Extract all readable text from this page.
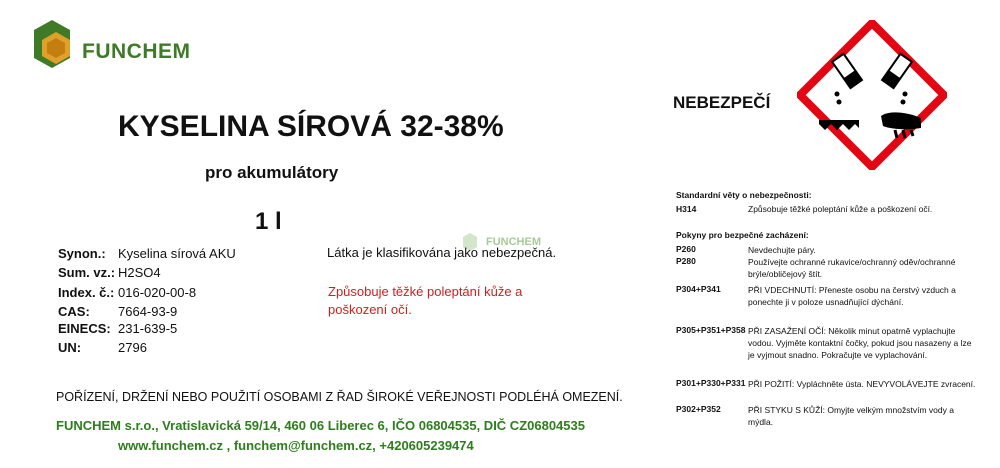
FUNCHEM
KYSELINA SÍROVÁ 32-38%
pro akumulátory
1 l
Synon.: Kyselina sírová AKU
Sum. vz.: H2SO4
Index. č.: 016-020-00-8
CAS:	7664-93-9
EINECS: 231-639-5
UN:	2796
FUNCHEM
Látka je klasifikována jako nebezpečná.
Způsobuje těžké poleptání kůže a poškození očí.
POŘÍZENÍ, DRŽENÍ NEBO POUŽITÍ OSOBAMI Z ŘAD ŠIROKÉ VEŘEJNOSTI PODLÉHÁ OMEZENÍ.
FUNCHEM s.r.o., Vratislavická 59/14, 460 06 Liberec 6, IČO 06804535, DIČ CZ06804535
www.funchem.cz , funchem@funchem.cz, +420605239474
NEBEZPEČÍ
Standardní věty o nebezpečnosti:
H314	Způsobuje těžké poleptání kůže a poškození očí.
Pokyny pro bezpečné zacházení:
P260	Nevdechujte páry.
P280	Používejte ochranné rukavice/ochranný oděv/ochranné brýle/obličejový štít.
P304+P341	PŘI VDECHNUTÍ: Přeneste osobu na čerstvý vzduch a ponechte ji v poloze usnadňující dýchání.
P305+P351+P358 PŘI ZASAŽENÍ OČÍ: Několik minut opatrně vyplachujte vodou. Vyjměte kontaktní čočky, pokud jsou nasazeny a lze je vyjmout snadno. Pokračujte ve vyplachování.
P301+P330+P331 PŘI POŽITÍ: Vypláchněte ústa. NEVYVOLÁVEJTE zvracení.
P302+P352	PŘI STYKU S KŮŽÍ: Omyjte velkým množstvím vody a mýdla.
